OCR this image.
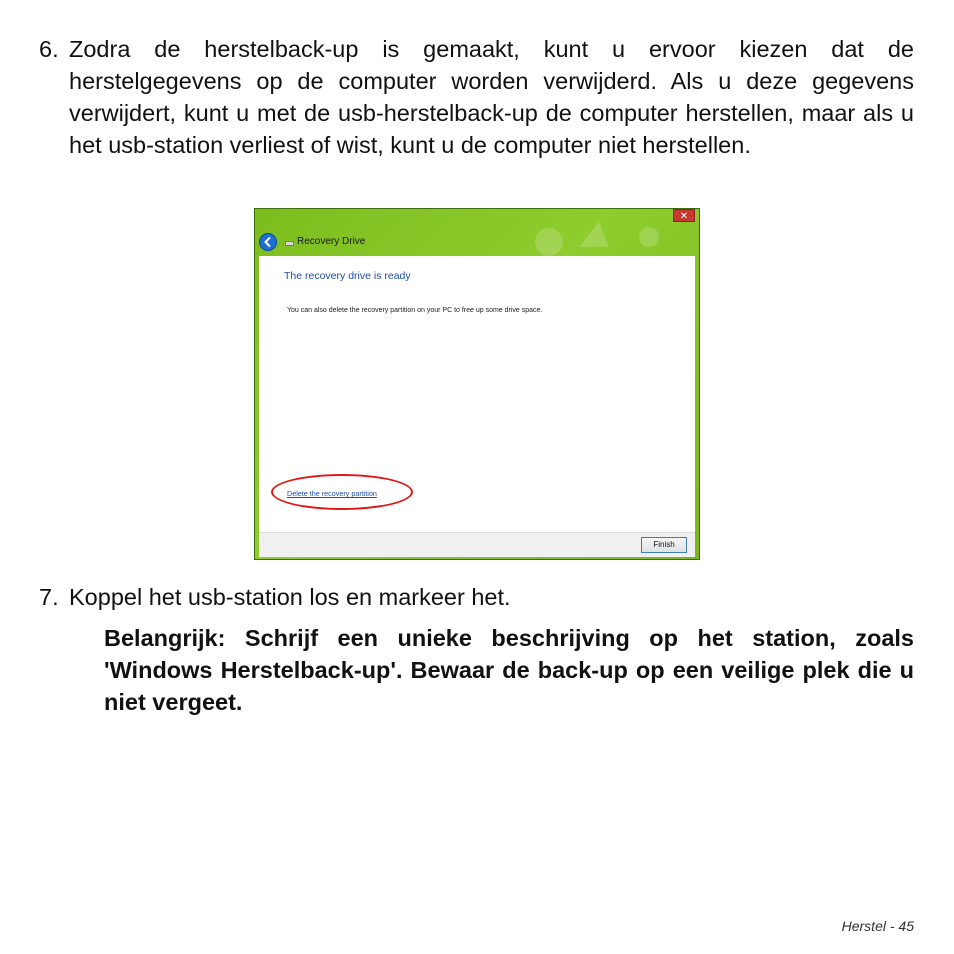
6. Zodra de herstelback-up is gemaakt, kunt u ervoor kiezen dat de herstelgegevens op de computer worden verwijderd. Als u deze gegevens verwijdert, kunt u met de usb-herstelback-up de computer herstellen, maar als u het usb-station verliest of wist, kunt u de computer niet herstellen.
✕
Recovery Drive
The recovery drive is ready
You can also delete the recovery partition on your PC to free up some drive space.
Delete the recovery partition
Finish
7. Koppel het usb-station los en markeer het.
Belangrijk: Schrijf een unieke beschrijving op het station, zoals 'Windows Herstelback-up'. Bewaar de back-up op een veilige plek die u niet vergeet.
Herstel - 45
